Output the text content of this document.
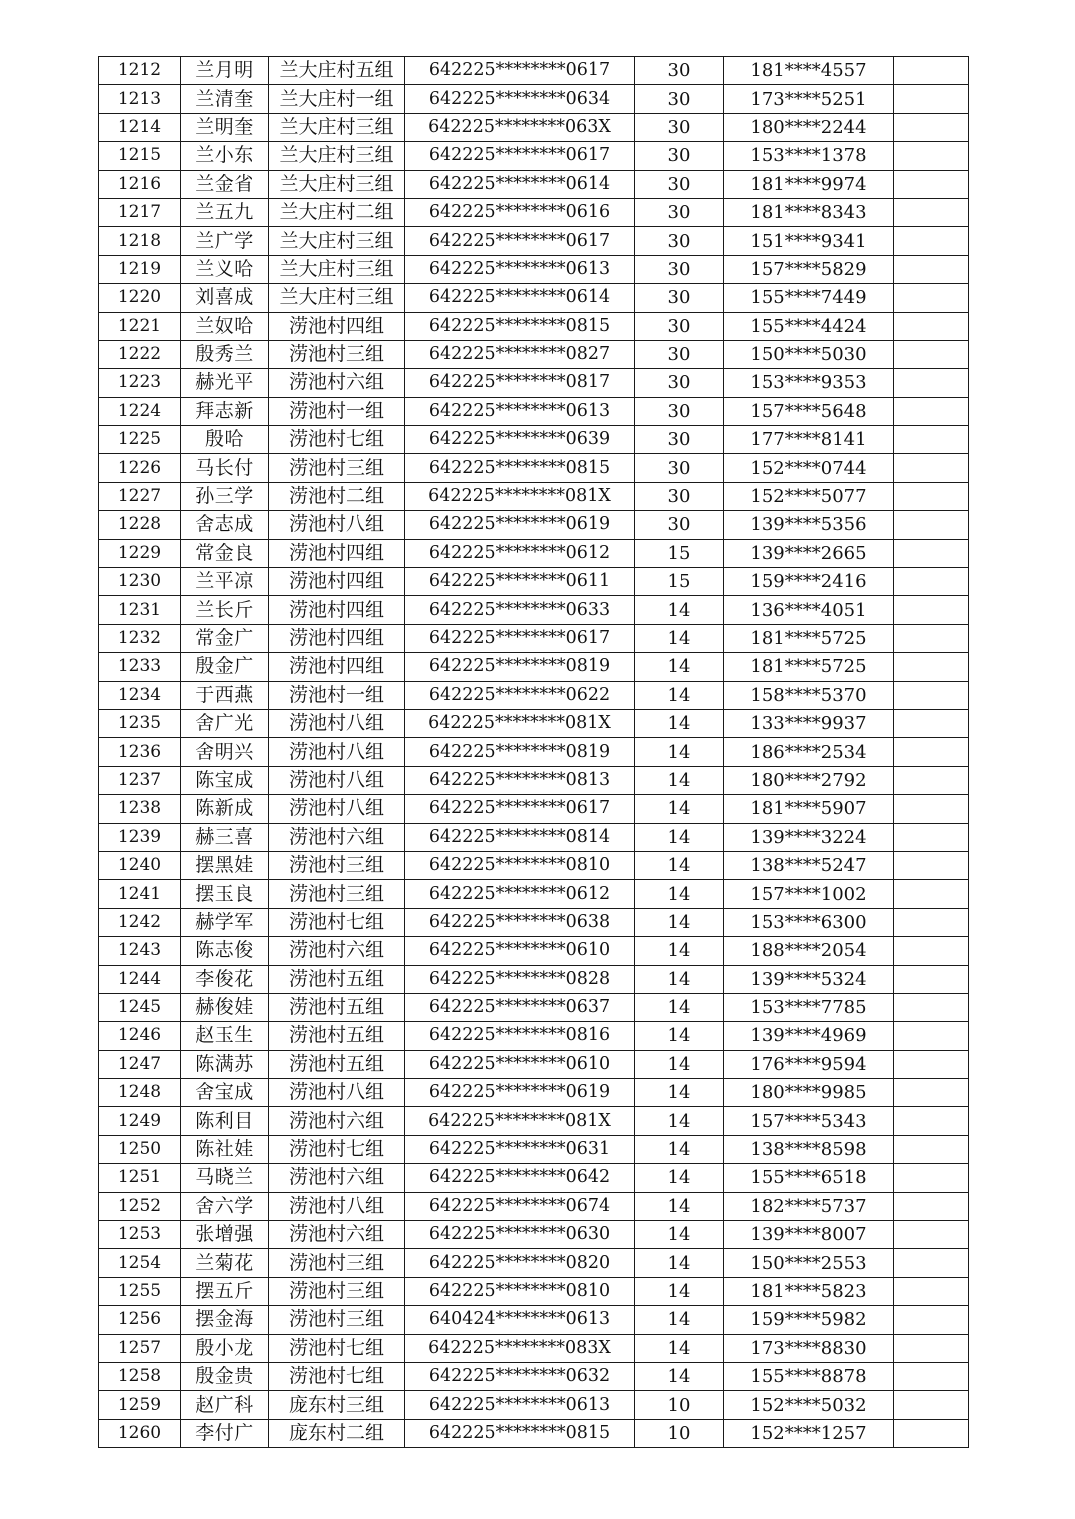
1212	兰月明	兰大庄村五组	642225********0617	30	181****4557	
1213	兰清奎	兰大庄村一组	642225********0634	30	173****5251	
1214	兰明奎	兰大庄村三组	642225********063X	30	180****2244	
1215	兰小东	兰大庄村三组	642225********0617	30	153****1378	
1216	兰金省	兰大庄村三组	642225********0614	30	181****9974	
1217	兰五九	兰大庄村二组	642225********0616	30	181****8343	
1218	兰广学	兰大庄村三组	642225********0617	30	151****9341	
1219	兰义哈	兰大庄村三组	642225********0613	30	157****5829	
1220	刘喜成	兰大庄村三组	642225********0614	30	155****7449	
1221	兰奴哈	涝池村四组	642225********0815	30	155****4424	
1222	殷秀兰	涝池村三组	642225********0827	30	150****5030	
1223	赫光平	涝池村六组	642225********0817	30	153****9353	
1224	拜志新	涝池村一组	642225********0613	30	157****5648	
1225	殷哈	涝池村七组	642225********0639	30	177****8141	
1226	马长付	涝池村三组	642225********0815	30	152****0744	
1227	孙三学	涝池村二组	642225********081X	30	152****5077	
1228	舍志成	涝池村八组	642225********0619	30	139****5356	
1229	常金良	涝池村四组	642225********0612	15	139****2665	
1230	兰平凉	涝池村四组	642225********0611	15	159****2416	
1231	兰长斤	涝池村四组	642225********0633	14	136****4051	
1232	常金广	涝池村四组	642225********0617	14	181****5725	
1233	殷金广	涝池村四组	642225********0819	14	181****5725	
1234	于西燕	涝池村一组	642225********0622	14	158****5370	
1235	舍广光	涝池村八组	642225********081X	14	133****9937	
1236	舍明兴	涝池村八组	642225********0819	14	186****2534	
1237	陈宝成	涝池村八组	642225********0813	14	180****2792	
1238	陈新成	涝池村八组	642225********0617	14	181****5907	
1239	赫三喜	涝池村六组	642225********0814	14	139****3224	
1240	摆黑娃	涝池村三组	642225********0810	14	138****5247	
1241	摆玉良	涝池村三组	642225********0612	14	157****1002	
1242	赫学军	涝池村七组	642225********0638	14	153****6300	
1243	陈志俊	涝池村六组	642225********0610	14	188****2054	
1244	李俊花	涝池村五组	642225********0828	14	139****5324	
1245	赫俊娃	涝池村五组	642225********0637	14	153****7785	
1246	赵玉生	涝池村五组	642225********0816	14	139****4969	
1247	陈满苏	涝池村五组	642225********0610	14	176****9594	
1248	舍宝成	涝池村八组	642225********0619	14	180****9985	
1249	陈利目	涝池村六组	642225********081X	14	157****5343	
1250	陈社娃	涝池村七组	642225********0631	14	138****8598	
1251	马晓兰	涝池村六组	642225********0642	14	155****6518	
1252	舍六学	涝池村八组	642225********0674	14	182****5737	
1253	张增强	涝池村六组	642225********0630	14	139****8007	
1254	兰菊花	涝池村三组	642225********0820	14	150****2553	
1255	摆五斤	涝池村三组	642225********0810	14	181****5823	
1256	摆金海	涝池村三组	640424********0613	14	159****5982	
1257	殷小龙	涝池村七组	642225********083X	14	173****8830	
1258	殷金贵	涝池村七组	642225********0632	14	155****8878	
1259	赵广科	庞东村三组	642225********0613	10	152****5032	
1260	李付广	庞东村二组	642225********0815	10	152****1257	
